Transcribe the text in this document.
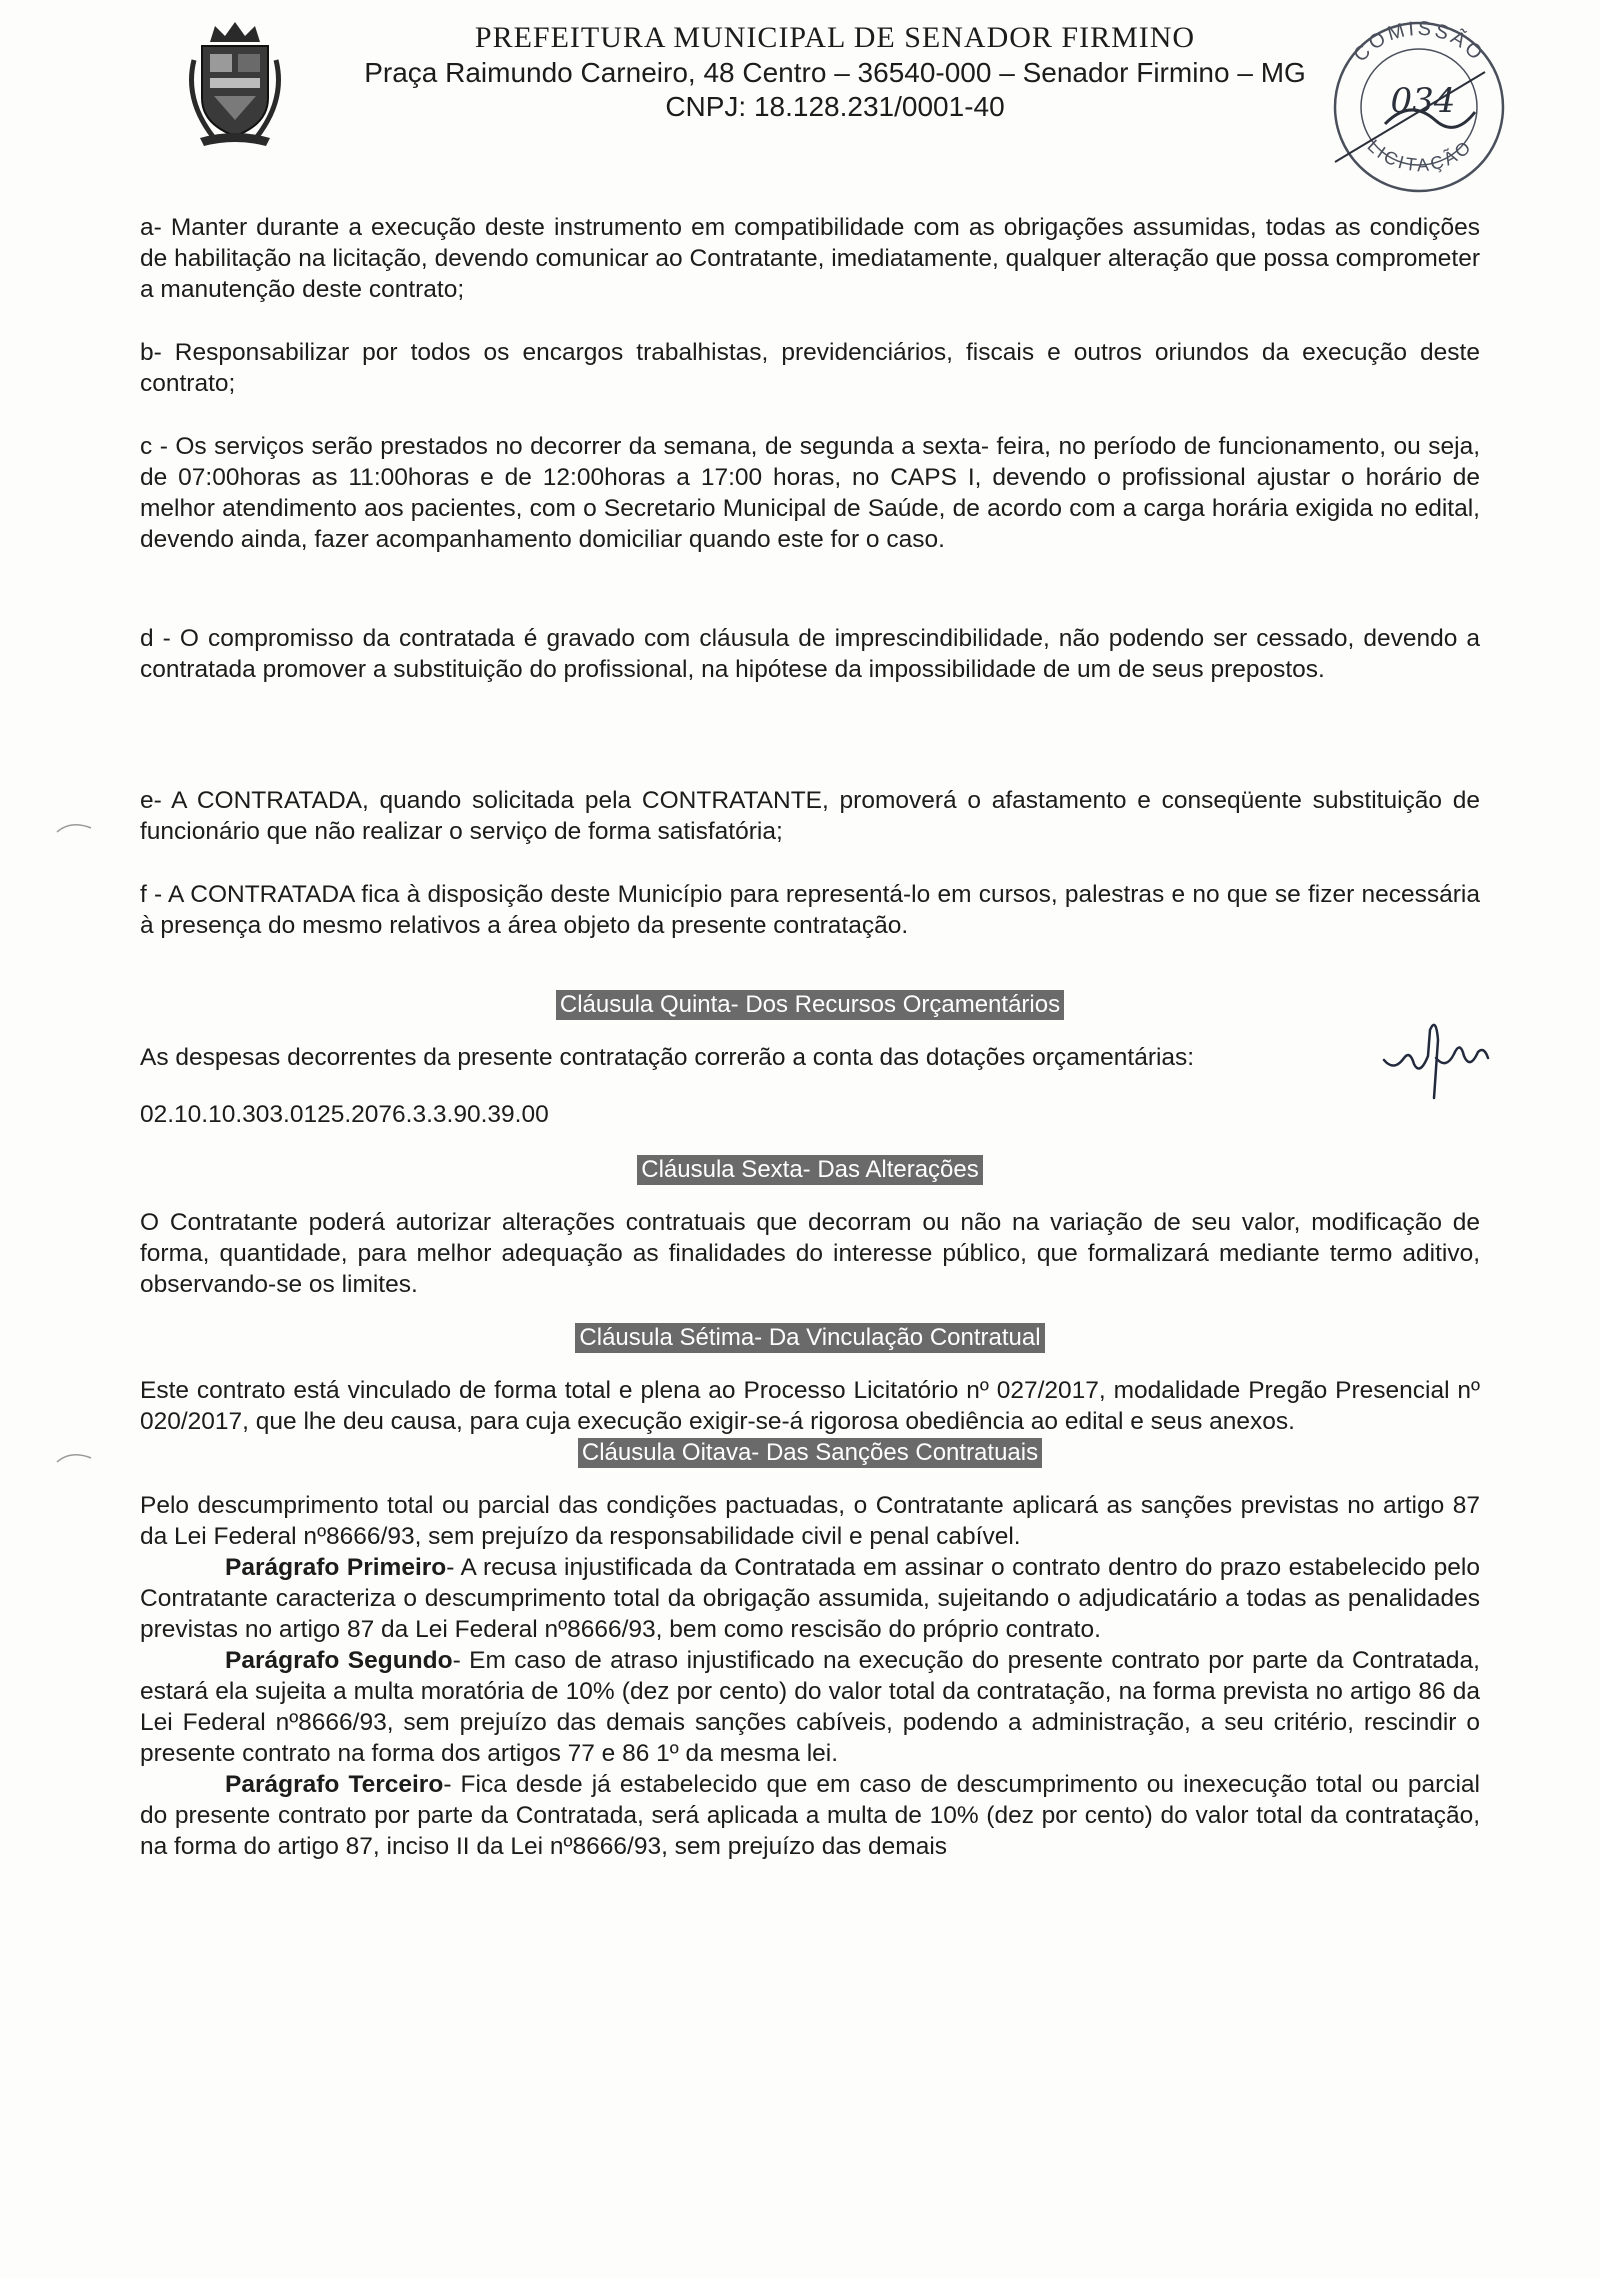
PREFEITURA MUNICIPAL DE SENADOR FIRMINO
Praça Raimundo Carneiro, 48 Centro – 36540-000 – Senador Firmino – MG
CNPJ: 18.128.231/0001-40
COMISSÃO
LICITAÇÃO
034

a- Manter durante a execução deste instrumento em compatibilidade com as obrigações assumidas, todas as condições de habilitação na licitação, devendo comunicar ao Contratante, imediatamente, qualquer alteração que possa comprometer a manutenção deste contrato;

b- Responsabilizar por todos os encargos trabalhistas, previdenciários, fiscais e outros oriundos da execução deste contrato;

c - Os serviços serão prestados no decorrer da semana, de segunda a sexta- feira, no período de funcionamento, ou seja, de 07:00horas as 11:00horas e de 12:00horas a 17:00 horas, no CAPS I, devendo o profissional ajustar o horário de melhor atendimento aos pacientes, com o Secretario Municipal de Saúde, de acordo com a carga horária exigida no edital, devendo ainda, fazer acompanhamento domiciliar quando este for o caso.

d - O compromisso da contratada é gravado com cláusula de imprescindibilidade, não podendo ser cessado, devendo a contratada promover a substituição do profissional, na hipótese da impossibilidade de um de seus prepostos.

e- A CONTRATADA, quando solicitada pela CONTRATANTE, promoverá o afastamento e conseqüente substituição de funcionário que não realizar o serviço de forma satisfatória;

f - A CONTRATADA fica à disposição deste Município para representá-lo em cursos, palestras e no que se fizer necessária à presença do mesmo relativos a área objeto da presente contratação.

Cláusula Quinta- Dos Recursos Orçamentários

As despesas decorrentes da presente contratação correrão a conta das dotações orçamentárias:

02.10.10.303.0125.2076.3.3.90.39.00

Cláusula Sexta- Das Alterações

O Contratante poderá autorizar alterações contratuais que decorram ou não na variação de seu valor, modificação de forma, quantidade, para melhor adequação as finalidades do interesse público, que formalizará mediante termo aditivo, observando-se os limites.

Cláusula Sétima- Da Vinculação Contratual

Este contrato está vinculado de forma total e plena ao Processo Licitatório nº 027/2017, modalidade Pregão Presencial nº 020/2017, que lhe deu causa, para cuja execução exigir-se-á rigorosa obediência ao edital e seus anexos.

Cláusula Oitava- Das Sanções Contratuais

Pelo descumprimento total ou parcial das condições pactuadas, o Contratante aplicará as sanções previstas no artigo 87 da Lei Federal nº8666/93, sem prejuízo da responsabilidade civil e penal cabível.

Parágrafo Primeiro- A recusa injustificada da Contratada em assinar o contrato dentro do prazo estabelecido pelo Contratante caracteriza o descumprimento total da obrigação assumida, sujeitando o adjudicatário a todas as penalidades previstas no artigo 87 da Lei Federal nº8666/93, bem como rescisão do próprio contrato.

Parágrafo Segundo- Em caso de atraso injustificado na execução do presente contrato por parte da Contratada, estará ela sujeita a multa moratória de 10% (dez por cento) do valor total da contratação, na forma prevista no artigo 86 da Lei Federal nº8666/93, sem prejuízo das demais sanções cabíveis, podendo a administração, a seu critério, rescindir o presente contrato na forma dos artigos 77 e 86 1º da mesma lei.

Parágrafo Terceiro- Fica desde já estabelecido que em caso de descumprimento ou inexecução total ou parcial do presente contrato por parte da Contratada, será aplicada a multa de 10% (dez por cento) do valor total da contratação, na forma do artigo 87, inciso II da Lei nº8666/93, sem prejuízo das demais
